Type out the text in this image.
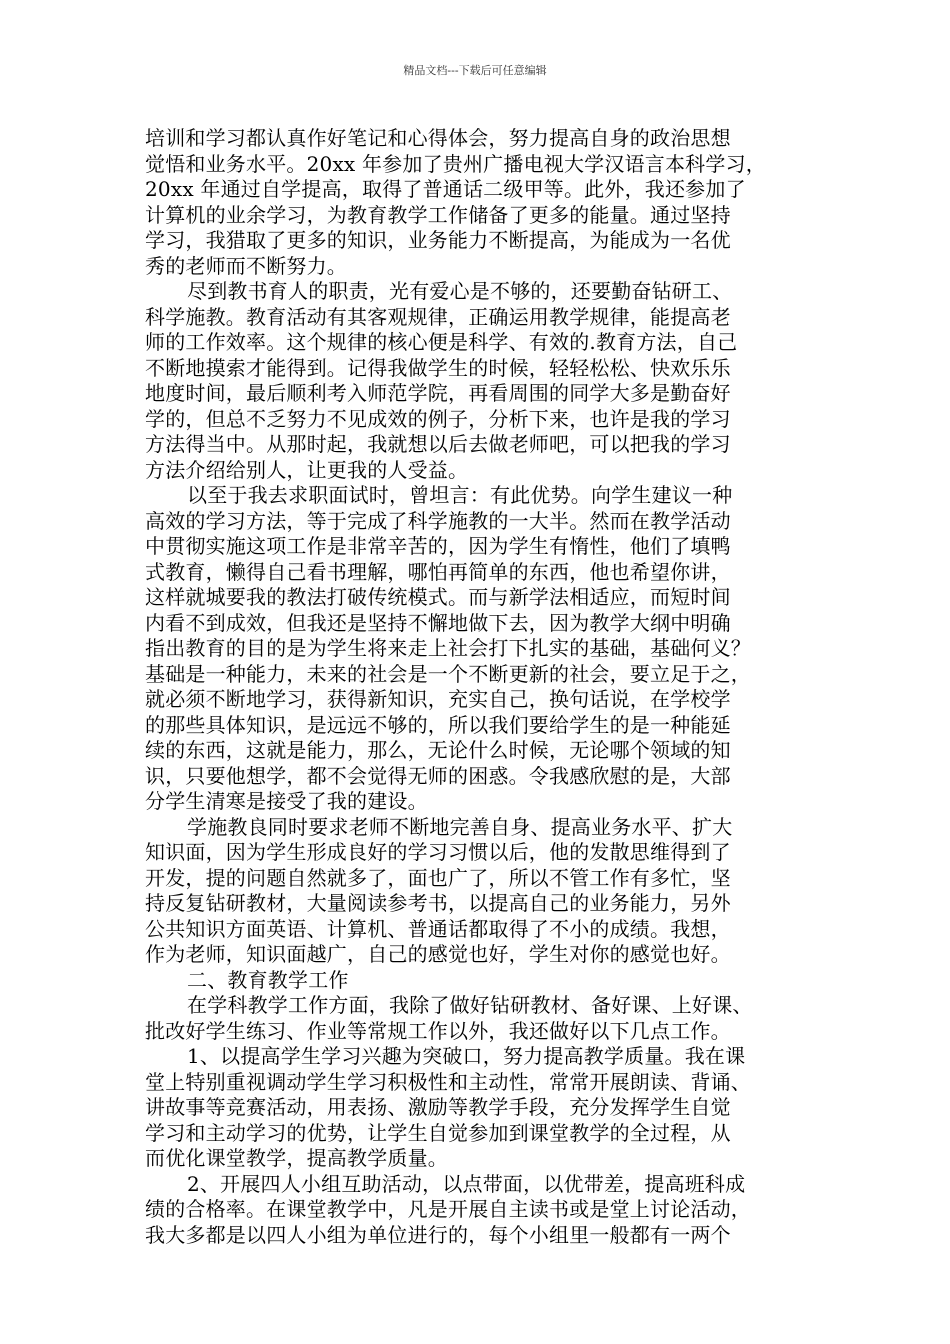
精品文档---下载后可任意编辑
培训和学习都认真作好笔记和心得体会，努力提高自身的政治思想
觉悟和业务水平。20xx 年参加了贵州广播电视大学汉语言本科学习，
20xx 年通过自学提高，取得了普通话二级甲等。此外，我还参加了
计算机的业余学习，为教育教学工作储备了更多的能量。通过坚持
学习，我猎取了更多的知识，业务能力不断提高，为能成为一名优
秀的老师而不断努力。
尽到教书育人的职责，光有爱心是不够的，还要勤奋钻研工、
科学施教。教育活动有其客观规律，正确运用教学规律，能提高老
师的工作效率。这个规律的核心便是科学、有效的.教育方法，自己
不断地摸索才能得到。记得我做学生的时候，轻轻松松、快欢乐乐
地度时间，最后顺利考入师范学院，再看周围的同学大多是勤奋好
学的，但总不乏努力不见成效的例子，分析下来，也许是我的学习
方法得当中。从那时起，我就想以后去做老师吧，可以把我的学习
方法介绍给别人，让更我的人受益。
以至于我去求职面试时，曾坦言：有此优势。向学生建议一种
高效的学习方法，等于完成了科学施教的一大半。然而在教学活动
中贯彻实施这项工作是非常辛苦的，因为学生有惰性，他们了填鸭
式教育，懒得自己看书理解，哪怕再简单的东西，他也希望你讲，
这样就城要我的教法打破传统模式。而与新学法相适应，而短时间
内看不到成效，但我还是坚持不懈地做下去，因为教学大纲中明确
指出教育的目的是为学生将来走上社会打下扎实的基础，基础何义？
基础是一种能力，未来的社会是一个不断更新的社会，要立足于之，
就必须不断地学习，获得新知识，充实自己，换句话说，在学校学
的那些具体知识，是远远不够的，所以我们要给学生的是一种能延
续的东西，这就是能力，那么，无论什么时候，无论哪个领域的知
识，只要他想学，都不会觉得无师的困惑。令我感欣慰的是，大部
分学生清寒是接受了我的建设。
学施教良同时要求老师不断地完善自身、提高业务水平、扩大
知识面，因为学生形成良好的学习习惯以后，他的发散思维得到了
开发，提的问题自然就多了，面也广了，所以不管工作有多忙，坚
持反复钻研教材，大量阅读参考书，以提高自己的业务能力，另外
公共知识方面英语、计算机、普通话都取得了不小的成绩。我想，
作为老师，知识面越广，自己的感觉也好，学生对你的感觉也好。
二、教育教学工作
在学科教学工作方面，我除了做好钻研教材、备好课、上好课、
批改好学生练习、作业等常规工作以外，我还做好以下几点工作。
1、以提高学生学习兴趣为突破口，努力提高教学质量。我在课
堂上特别重视调动学生学习积极性和主动性，常常开展朗读、背诵、
讲故事等竞赛活动，用表扬、激励等教学手段，充分发挥学生自觉
学习和主动学习的优势，让学生自觉参加到课堂教学的全过程，从
而优化课堂教学，提高教学质量。
2、开展四人小组互助活动，以点带面，以优带差，提高班科成
绩的合格率。在课堂教学中，凡是开展自主读书或是堂上讨论活动，
我大多都是以四人小组为单位进行的，每个小组里一般都有一两个
